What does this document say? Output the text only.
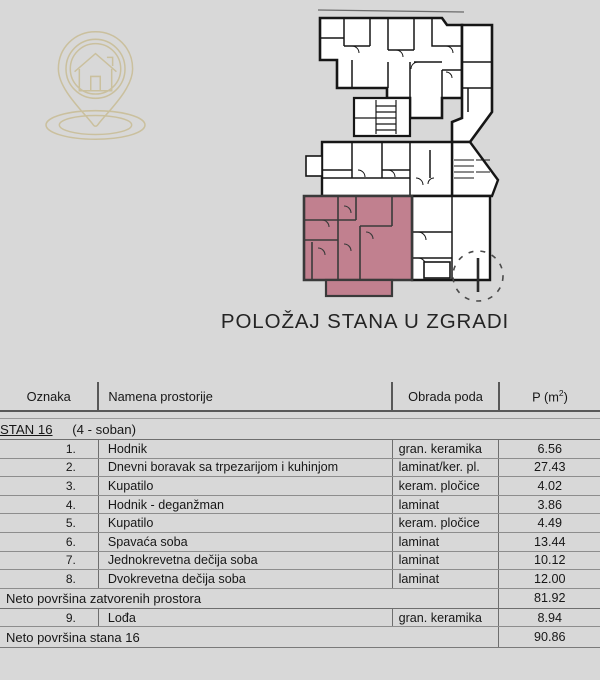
POLOŽAJ STANA U ZGRADI
Oznaka	Namena prostorije	Obrada poda	P $(m^2)$

STAN 16 (4 - soban)			
1.	Hodnik	gran. keramika	6.56
2.	Dnevni boravak sa trpezarijom i kuhinjom	laminat/ker. pl.	27.43
3.	Kupatilo	keram. pločice	4.02
4.	Hodnik - deganžman	laminat	3.86
5.	Kupatilo	keram. pločice	4.49
6.	Spavaća soba	laminat	13.44
7.	Jednokrevetna dečija soba	laminat	10.12
8.	Dvokrevetna dečija soba	laminat	12.00
Neto površina zatvorenih prostora			81.92
9.	Lođa	gran. keramika	8.94
Neto površina stana 16			90.86
